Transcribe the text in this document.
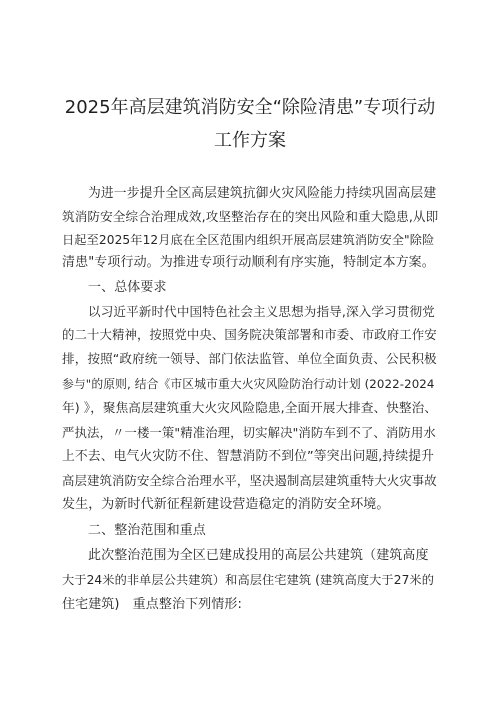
2025年高层建筑消防安全“除险清患”专项行动
工作方案
为进一步提升全区高层建筑抗御火灾风险能力持续巩固高层建
筑消防安全综合治理成效,攻坚整治存在的突出风险和重大隐患,从即
日起至2025年12月底在全区范围内组织开展高层建筑消防安全"除险
清患"专项行动。为推进专项行动顺利有序实施，特制定本方案。
一、总体要求
以习近平新时代中国特色社会主义思想为指导,深入学习贯彻党
的二十大精神，按照党中央、国务院决策部署和市委、市政府工作安
排，按照“政府统一领导、部门依法监管、单位全面负责、公民积极
参与"的原则, 结合《市区城市重大火灾风险防治行动计划 (2022-2024
年) 》，聚焦高层建筑重大火灾风险隐患,全面开展大排查、快整治、
严执法，〃一楼一策"精准治理，切实解决"消防车到不了、消防用水
上不去、电气火灾防不住、智慧消防不到位”等突出问题,持续提升
高层建筑消防安全综合治理水平，坚决遏制高层建筑重特大火灾事故
发生，为新时代新征程新建设营造稳定的消防安全环境。
二、整治范围和重点
此次整治范围为全区已建成投用的高层公共建筑（建筑高度
大于24米的非单层公共建筑）和高层住宅建筑 (建筑高度大于27米的
住宅建筑)　重点整治下列情形:
